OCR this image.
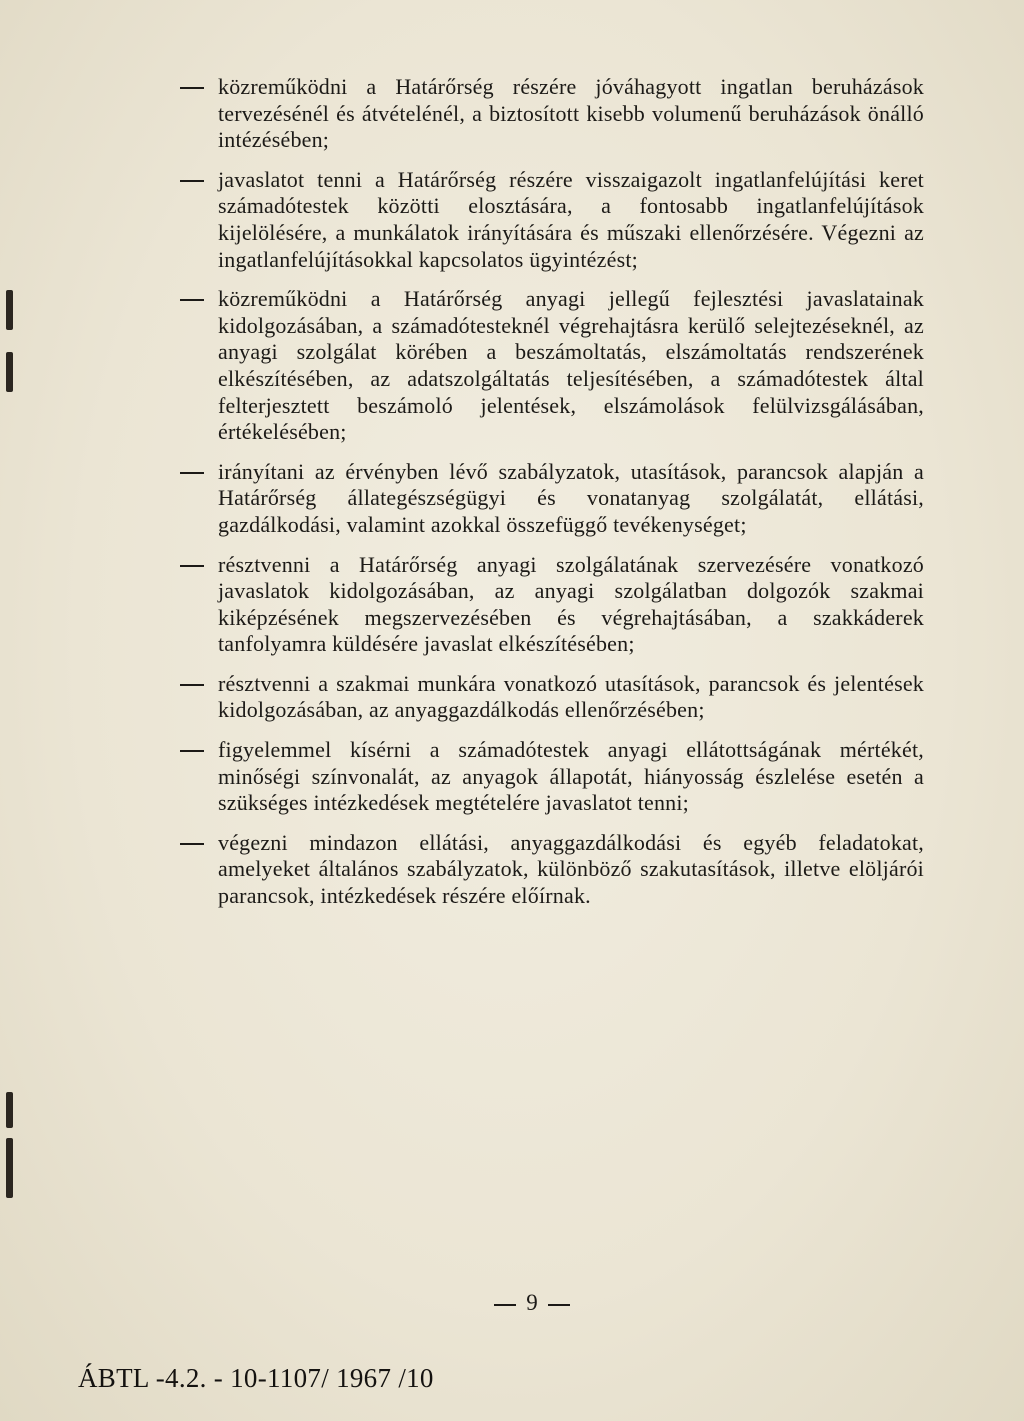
közreműködni a Határőrség részére jóváhagyott ingatlan beruházások tervezésénél és átvételénél, a biztosított kisebb volumenű beruházások önálló intézésében;
javaslatot tenni a Határőrség részére visszaigazolt ingatlanfelújítási keret számadótestek közötti elosztására, a fontosabb ingatlanfelújítások kijelölésére, a munkálatok irányítására és műszaki ellenőrzésére. Végezni az ingatlanfelújításokkal kapcsolatos ügyintézést;
közreműködni a Határőrség anyagi jellegű fejlesztési javaslatainak kidolgozásában, a számadótesteknél végrehajtásra kerülő selejtezéseknél, az anyagi szolgálat körében a beszámoltatás, elszámoltatás rendszerének elkészítésében, az adatszolgáltatás teljesítésében, a számadótestek által felterjesztett beszámoló jelentések, elszámolások felülvizsgálásában, értékelésében;
irányítani az érvényben lévő szabályzatok, utasítások, parancsok alapján a Határőrség állategészségügyi és vonatanyag szolgálatát, ellátási, gazdálkodási, valamint azokkal összefüggő tevékenységet;
résztvenni a Határőrség anyagi szolgálatának szervezésére vonatkozó javaslatok kidolgozásában, az anyagi szolgálatban dolgozók szakmai kiképzésének megszervezésében és végrehajtásában, a szakkáderek tanfolyamra küldésére javaslat elkészítésében;
résztvenni a szakmai munkára vonatkozó utasítások, parancsok és jelentések kidolgozásában, az anyaggazdálkodás ellenőrzésében;
figyelemmel kísérni a számadótestek anyagi ellátottságának mértékét, minőségi színvonalát, az anyagok állapotát, hiányosság észlelése esetén a szükséges intézkedések megtételére javaslatot tenni;
végezni mindazon ellátási, anyaggazdálkodási és egyéb feladatokat, amelyeket általános szabályzatok, különböző szakutasítások, illetve elöljárói parancsok, intézkedések részére előírnak.
9
ÁBTL -4.2. - 10-1107/ 1967 /10
